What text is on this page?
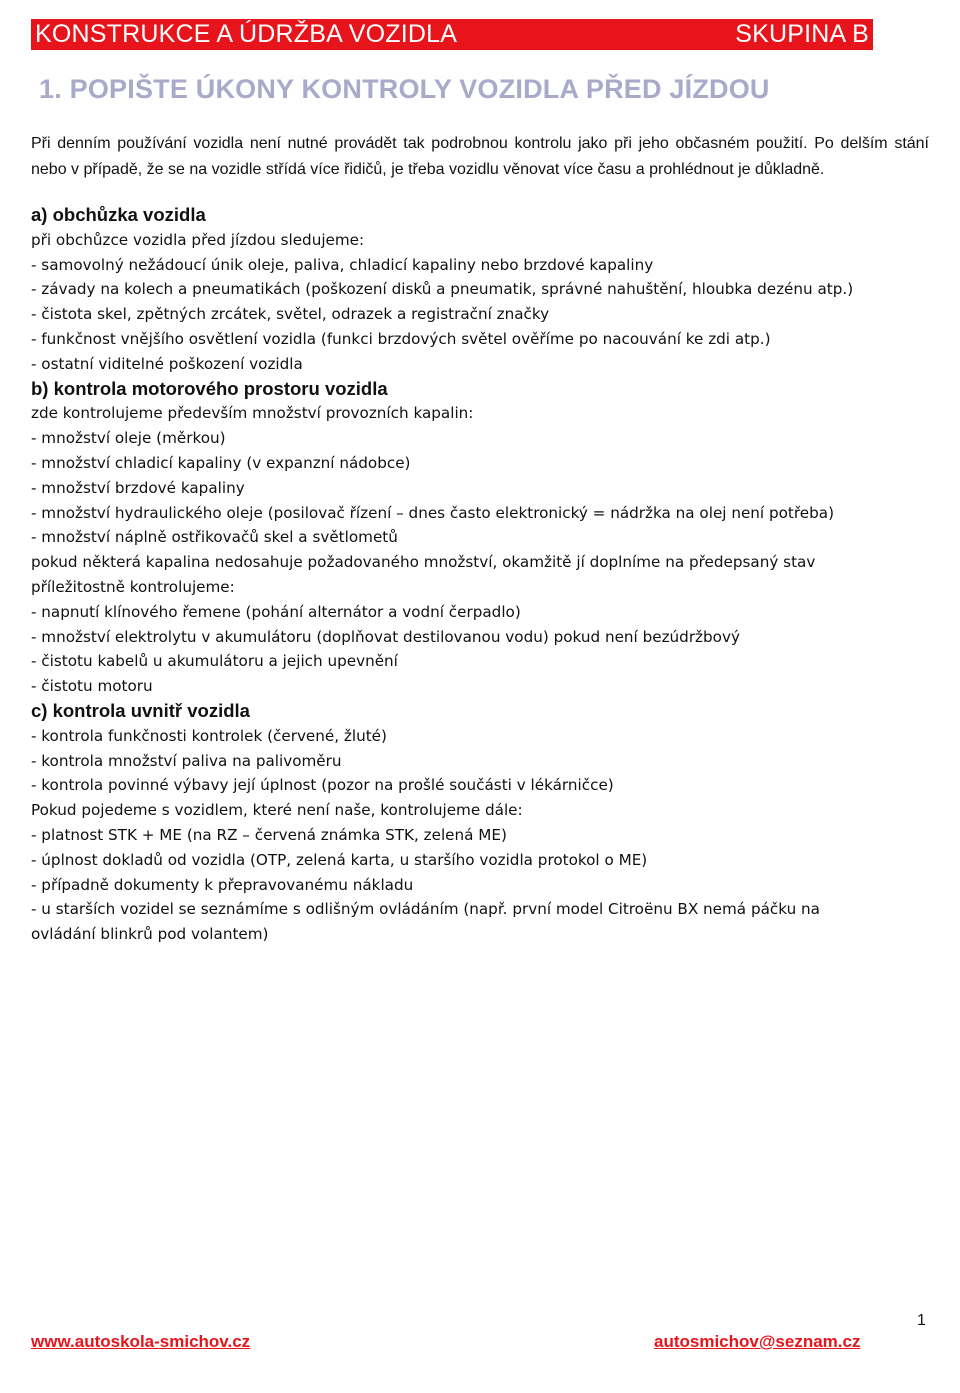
KONSTRUKCE A ÚDRŽBA VOZIDLA	SKUPINA B
1. POPIŠTE ÚKONY KONTROLY VOZIDLA PŘED JÍZDOU

Při denním používání vozidla není nutné provádět tak podrobnou kontrolu jako při jeho občasném použití. Po delším stání nebo v případě, že se na vozidle střídá více řidičů, je třeba vozidlu věnovat více času a prohlédnout je důkladně.

a) obchůzka vozidla
při obchůzce vozidla před jízdou sledujeme:
- samovolný nežádoucí únik oleje, paliva, chladicí kapaliny nebo brzdové kapaliny
- závady na kolech a pneumatikách (poškození disků a pneumatik, správné nahuštění, hloubka dezénu atp.)
- čistota skel, zpětných zrcátek, světel, odrazek a registrační značky
- funkčnost vnějšího osvětlení vozidla (funkci brzdových světel ověříme po nacouvání ke zdi atp.)
- ostatní viditelné poškození vozidla
b) kontrola motorového prostoru vozidla
zde kontrolujeme především množství provozních kapalin:
- množství oleje (měrkou)
- množství chladicí kapaliny (v expanzní nádobce)
- množství brzdové kapaliny
- množství hydraulického oleje (posilovač řízení – dnes často elektronický = nádržka na olej není potřeba)
- množství náplně ostřikovačů skel a světlometů
pokud některá kapalina nedosahuje požadovaného množství, okamžitě jí doplníme na předepsaný stav
příležitostně kontrolujeme:
- napnutí klínového řemene (pohání alternátor a vodní čerpadlo)
- množství elektrolytu v akumulátoru (doplňovat destilovanou vodu) pokud není bezúdržbový
- čistotu kabelů u akumulátoru a jejich upevnění
- čistotu motoru
c) kontrola uvnitř vozidla
- kontrola funkčnosti kontrolek (červené, žluté)
- kontrola množství paliva na palivoměru
- kontrola povinné výbavy její úplnost (pozor na prošlé součásti v lékárničce)
Pokud pojedeme s vozidlem, které není naše, kontrolujeme dále:
- platnost STK + ME (na RZ – červená známka STK, zelená ME)
- úplnost dokladů od vozidla (OTP, zelená karta, u staršího vozidla protokol o ME)
- případně dokumenty k přepravovanému nákladu
- u starších vozidel se seznámíme s odlišným ovládáním (např. první model Citroënu BX nemá páčku na
ovládání blinkrů pod volantem)
1
www.autoskola-smichov.cz	autosmichov@seznam.cz
